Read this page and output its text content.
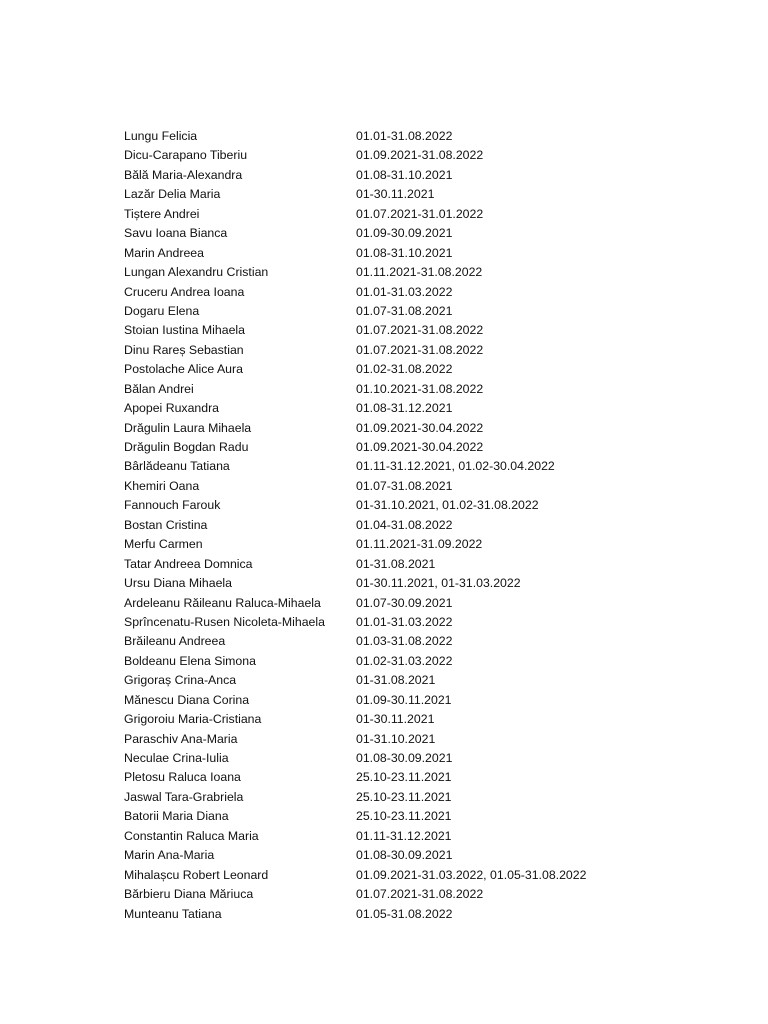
Lungu Felicia	01.01-31.08.2022
Dicu-Carapano Tiberiu	01.09.2021-31.08.2022
Bălă Maria-Alexandra	01.08-31.10.2021
Lazăr Delia Maria	01-30.11.2021
Tiștere Andrei	01.07.2021-31.01.2022
Savu Ioana Bianca	01.09-30.09.2021
Marin Andreea	01.08-31.10.2021
Lungan Alexandru Cristian	01.11.2021-31.08.2022
Cruceru Andrea Ioana	01.01-31.03.2022
Dogaru Elena	01.07-31.08.2021
Stoian Iustina Mihaela	01.07.2021-31.08.2022
Dinu Rareș Sebastian	01.07.2021-31.08.2022
Postolache Alice Aura	01.02-31.08.2022
Bălan Andrei	01.10.2021-31.08.2022
Apopei Ruxandra	01.08-31.12.2021
Drăgulin Laura Mihaela	01.09.2021-30.04.2022
Drăgulin Bogdan Radu	01.09.2021-30.04.2022
Bârlădeanu Tatiana	01.11-31.12.2021, 01.02-30.04.2022
Khemiri Oana	01.07-31.08.2021
Fannouch Farouk	01-31.10.2021, 01.02-31.08.2022
Bostan Cristina	01.04-31.08.2022
Merfu Carmen	01.11.2021-31.09.2022
Tatar Andreea Domnica	01-31.08.2021
Ursu Diana Mihaela	01-30.11.2021, 01-31.03.2022
Ardeleanu Răileanu Raluca-Mihaela	01.07-30.09.2021
Sprîncenatu-Rusen Nicoleta-Mihaela	01.01-31.03.2022
Brăileanu Andreea	01.03-31.08.2022
Boldeanu Elena Simona	01.02-31.03.2022
Grigoraș Crina-Anca	01-31.08.2021
Mănescu Diana Corina	01.09-30.11.2021
Grigoroiu Maria-Cristiana	01-30.11.2021
Paraschiv Ana-Maria	01-31.10.2021
Neculae Crina-Iulia	01.08-30.09.2021
Pletosu Raluca Ioana	25.10-23.11.2021
Jaswal Tara-Grabriela	25.10-23.11.2021
Batorii Maria Diana	25.10-23.11.2021
Constantin Raluca Maria	01.11-31.12.2021
Marin Ana-Maria	01.08-30.09.2021
Mihalașcu Robert Leonard	01.09.2021-31.03.2022, 01.05-31.08.2022
Bărbieru Diana Măriuca	01.07.2021-31.08.2022
Munteanu Tatiana	01.05-31.08.2022
